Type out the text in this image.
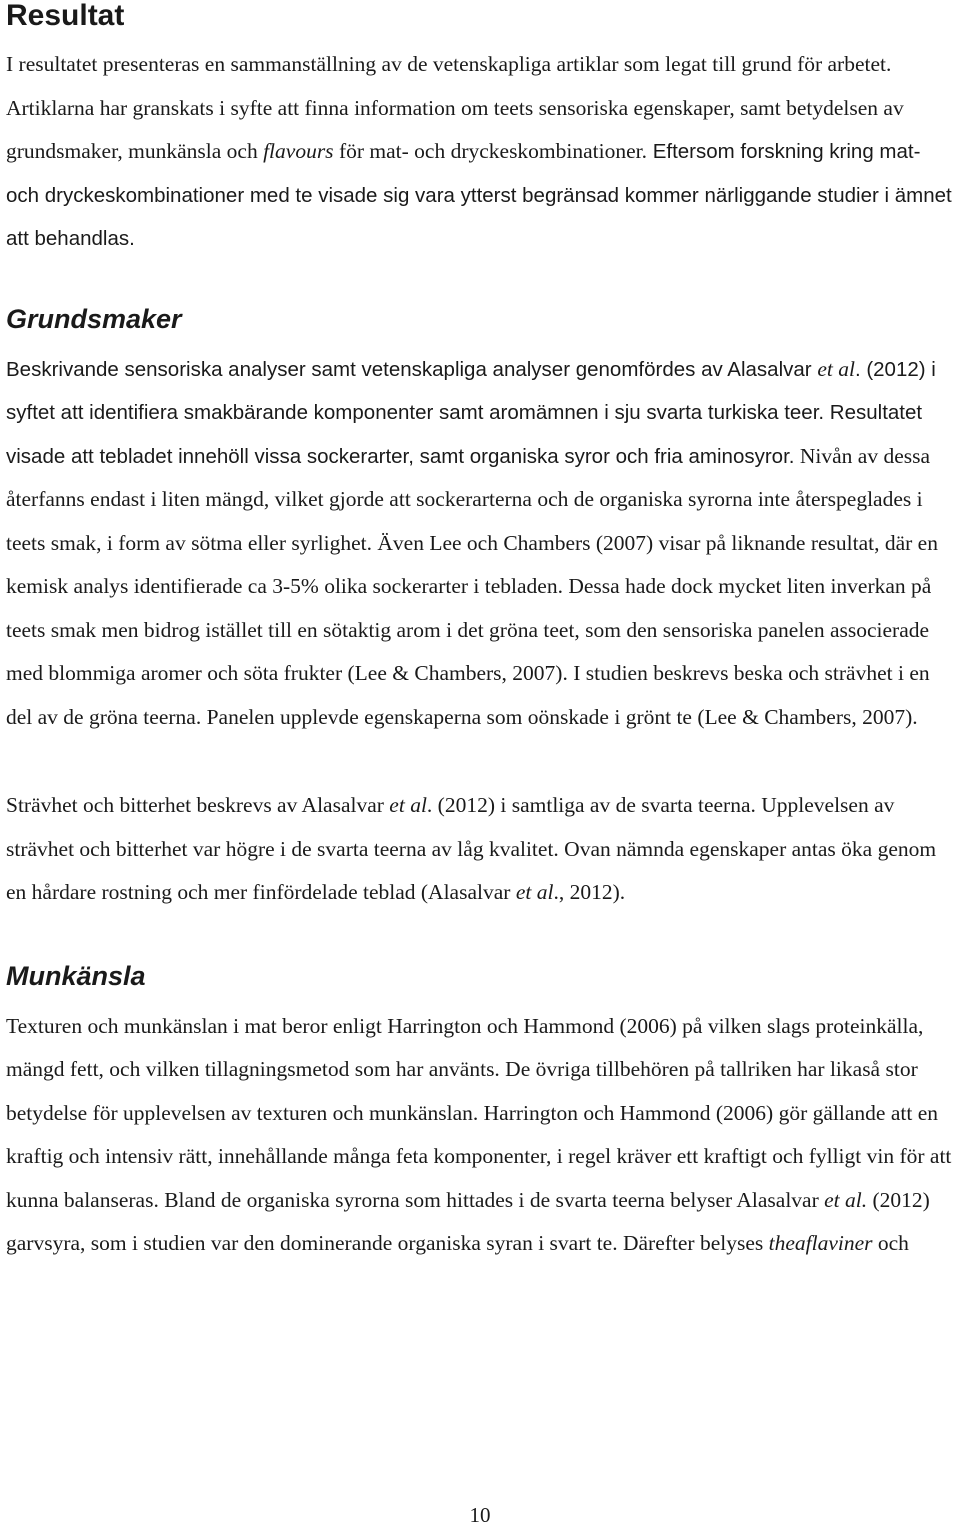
Resultat

I resultatet presenteras en sammanställning av de vetenskapliga artiklar som legat till grund för arbetet. Artiklarna har granskats i syfte att finna information om teets sensoriska egenskaper, samt betydelsen av grundsmaker, munkänsla och flavours för mat- och dryckeskombinationer. Eftersom forskning kring mat- och dryckeskombinationer med te visade sig vara ytterst begränsad kommer närliggande studier i ämnet att behandlas.

Grundsmaker

Beskrivande sensoriska analyser samt vetenskapliga analyser genomfördes av Alasalvar et al. (2012) i syftet att identifiera smakbärande komponenter samt aromämnen i sju svarta turkiska teer. Resultatet visade att tebladet innehöll vissa sockerarter, samt organiska syror och fria aminosyror. Nivån av dessa återfanns endast i liten mängd, vilket gjorde att sockerarterna och de organiska syrorna inte återspeglades i teets smak, i form av sötma eller syrlighet. Även Lee och Chambers (2007) visar på liknande resultat, där en kemisk analys identifierade ca 3-5% olika sockerarter i tebladen. Dessa hade dock mycket liten inverkan på teets smak men bidrog istället till en sötaktig arom i det gröna teet, som den sensoriska panelen associerade med blommiga aromer och söta frukter (Lee & Chambers, 2007). I studien beskrevs beska och strävhet i en del av de gröna teerna. Panelen upplevde egenskaperna som oönskade i grönt te (Lee & Chambers, 2007).

Strävhet och bitterhet beskrevs av Alasalvar et al. (2012) i samtliga av de svarta teerna. Upplevelsen av strävhet och bitterhet var högre i de svarta teerna av låg kvalitet. Ovan nämnda egenskaper antas öka genom en hårdare rostning och mer finfördelade teblad (Alasalvar et al., 2012).

Munkänsla

Texturen och munkänslan i mat beror enligt Harrington och Hammond (2006) på vilken slags proteinkälla, mängd fett, och vilken tillagningsmetod som har använts. De övriga tillbehören på tallriken har likaså stor betydelse för upplevelsen av texturen och munkänslan. Harrington och Hammond (2006) gör gällande att en kraftig och intensiv rätt, innehållande många feta komponenter, i regel kräver ett kraftigt och fylligt vin för att kunna balanseras. Bland de organiska syrorna som hittades i de svarta teerna belyser Alasalvar et al. (2012) garvsyra, som i studien var den dominerande organiska syran i svart te. Därefter belyses theaflaviner och

10
